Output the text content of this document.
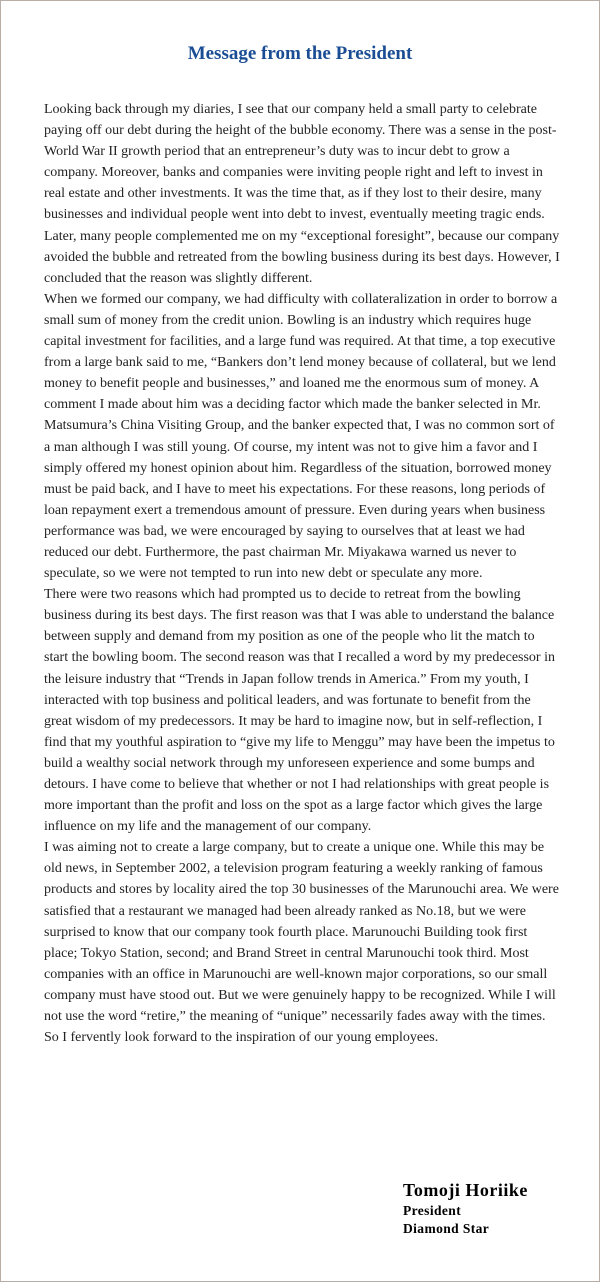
Message from the President

Looking back through my diaries, I see that our company held a small party to celebrate paying off our debt during the height of the bubble economy. There was a sense in the post-World War II growth period that an entrepreneur’s duty was to incur debt to grow a company. Moreover, banks and companies were inviting people right and left to invest in real estate and other investments. It was the time that, as if they lost to their desire, many businesses and individual people went into debt to invest, eventually meeting tragic ends. Later, many people complemented me on my “exceptional foresight”, because our company avoided the bubble and retreated from the bowling business during its best days. However, I concluded that the reason was slightly different.

When we formed our company, we had difficulty with collateralization in order to borrow a small sum of money from the credit union. Bowling is an industry which requires huge capital investment for facilities, and a large fund was required. At that time, a top executive from a large bank said to me, “Bankers don’t lend money because of collateral, but we lend money to benefit people and businesses,” and loaned me the enormous sum of money. A comment I made about him was a deciding factor which made the banker selected in Mr. Matsumura’s China Visiting Group, and the banker expected that, I was no common sort of a man although I was still young. Of course, my intent was not to give him a favor and I simply offered my honest opinion about him. Regardless of the situation, borrowed money must be paid back, and I have to meet his expectations. For these reasons, long periods of loan repayment exert a tremendous amount of pressure. Even during years when business performance was bad, we were encouraged by saying to ourselves that at least we had reduced our debt. Furthermore, the past chairman Mr. Miyakawa warned us never to speculate, so we were not tempted to run into new debt or speculate any more.

There were two reasons which had prompted us to decide to retreat from the bowling business during its best days. The first reason was that I was able to understand the balance between supply and demand from my position as one of the people who lit the match to start the bowling boom. The second reason was that I recalled a word by my predecessor in the leisure industry that “Trends in Japan follow trends in America.” From my youth, I interacted with top business and political leaders, and was fortunate to benefit from the great wisdom of my predecessors. It may be hard to imagine now, but in self-reflection, I find that my youthful aspiration to “give my life to Menggu” may have been the impetus to build a wealthy social network through my unforeseen experience and some bumps and detours. I have come to believe that whether or not I had relationships with great people is more important than the profit and loss on the spot as a large factor which gives the large influence on my life and the management of our company.

I was aiming not to create a large company, but to create a unique one. While this may be old news, in September 2002, a television program featuring a weekly ranking of famous products and stores by locality aired the top 30 businesses of the Marunouchi area. We were satisfied that a restaurant we managed had been already ranked as No.18, but we were surprised to know that our company took fourth place. Marunouchi Building took first place; Tokyo Station, second; and Brand Street in central Marunouchi took third. Most companies with an office in Marunouchi are well-known major corporations, so our small company must have stood out. But we were genuinely happy to be recognized. While I will not use the word “retire,” the meaning of “unique” necessarily fades away with the times. So I fervently look forward to the inspiration of our young employees.

Tomoji Horiike
President
Diamond Star
